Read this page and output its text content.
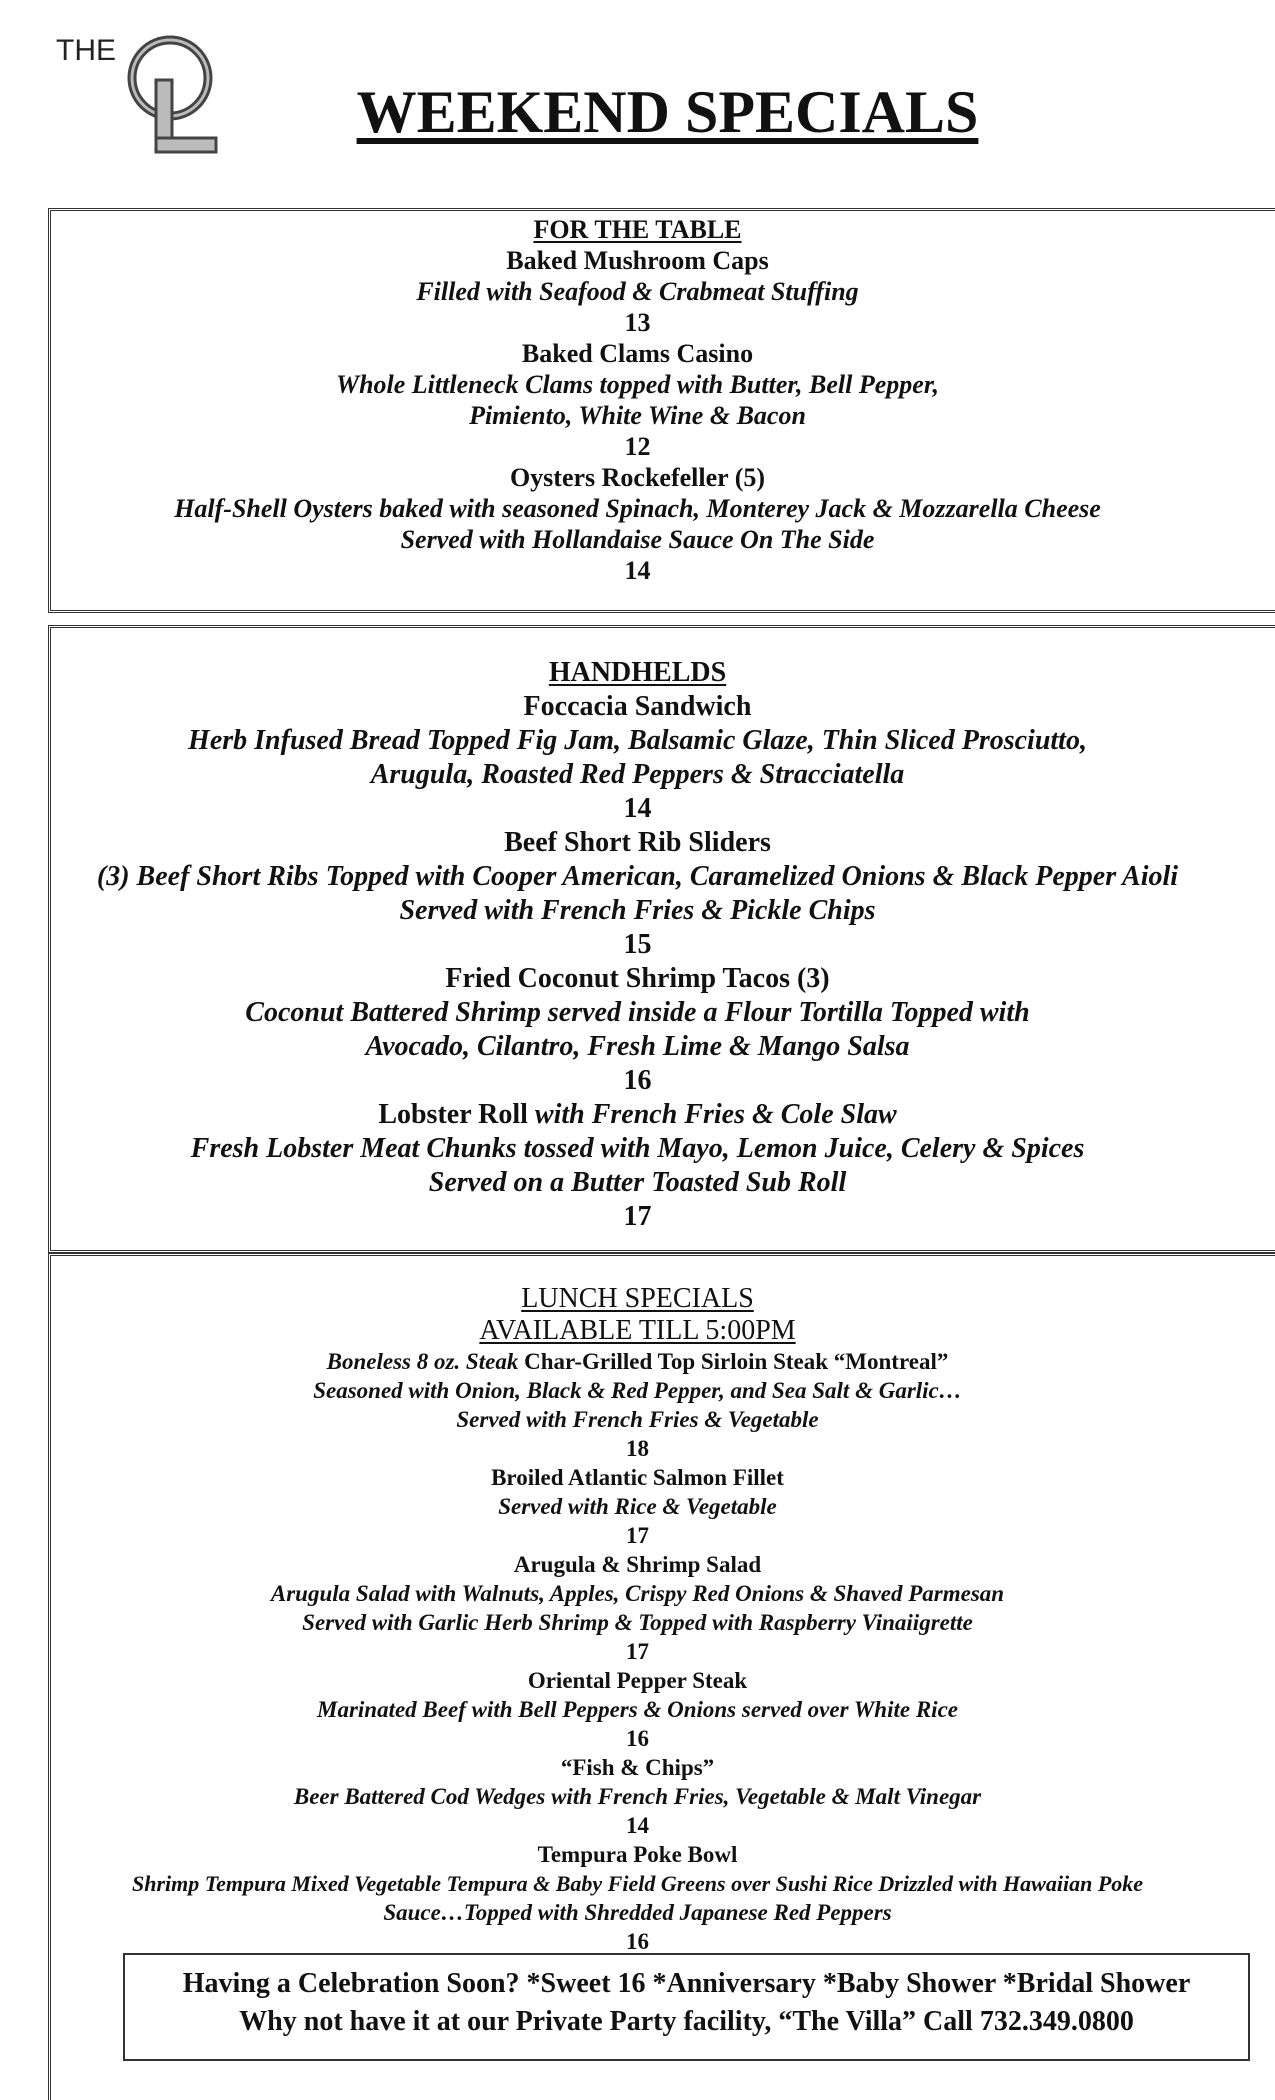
THE
WEEKEND SPECIALS
FOR THE TABLE
Baked Mushroom Caps
Filled with Seafood & Crabmeat Stuffing
13
Baked Clams Casino
Whole Littleneck Clams topped with Butter, Bell Pepper,
Pimiento, White Wine & Bacon
12
Oysters Rockefeller (5)
Half-Shell Oysters baked with seasoned Spinach, Monterey Jack & Mozzarella Cheese
Served with Hollandaise Sauce On The Side
14
HANDHELDS
Foccacia Sandwich
Herb Infused Bread Topped Fig Jam, Balsamic Glaze, Thin Sliced Prosciutto,
Arugula, Roasted Red Peppers & Stracciatella
14
Beef Short Rib Sliders
(3) Beef Short Ribs Topped with Cooper American, Caramelized Onions & Black Pepper Aioli
Served with French Fries & Pickle Chips
15
Fried Coconut Shrimp Tacos (3)
Coconut Battered Shrimp served inside a Flour Tortilla Topped with
Avocado, Cilantro, Fresh Lime & Mango Salsa
16
Lobster Roll with French Fries & Cole Slaw
Fresh Lobster Meat Chunks tossed with Mayo, Lemon Juice, Celery & Spices
Served on a Butter Toasted Sub Roll
17
LUNCH SPECIALS
AVAILABLE TILL 5:00PM
Boneless 8 oz. Steak Char-Grilled Top Sirloin Steak “Montreal”
Seasoned with Onion, Black & Red Pepper, and Sea Salt & Garlic…
Served with French Fries & Vegetable
18
Broiled Atlantic Salmon Fillet
Served with Rice & Vegetable
17
Arugula & Shrimp Salad
Arugula Salad with Walnuts, Apples, Crispy Red Onions & Shaved Parmesan
Served with Garlic Herb Shrimp & Topped with Raspberry Vinaiigrette
17
Oriental Pepper Steak
Marinated Beef with Bell Peppers & Onions served over White Rice
16
“Fish & Chips”
Beer Battered Cod Wedges with French Fries, Vegetable & Malt Vinegar
14
Tempura Poke Bowl
Shrimp Tempura Mixed Vegetable Tempura & Baby Field Greens over Sushi Rice Drizzled with Hawaiian Poke
Sauce…Topped with Shredded Japanese Red Peppers
16
Having a Celebration Soon? *Sweet 16 *Anniversary *Baby Shower *Bridal Shower
Why not have it at our Private Party facility, “The Villa” Call 732.349.0800
